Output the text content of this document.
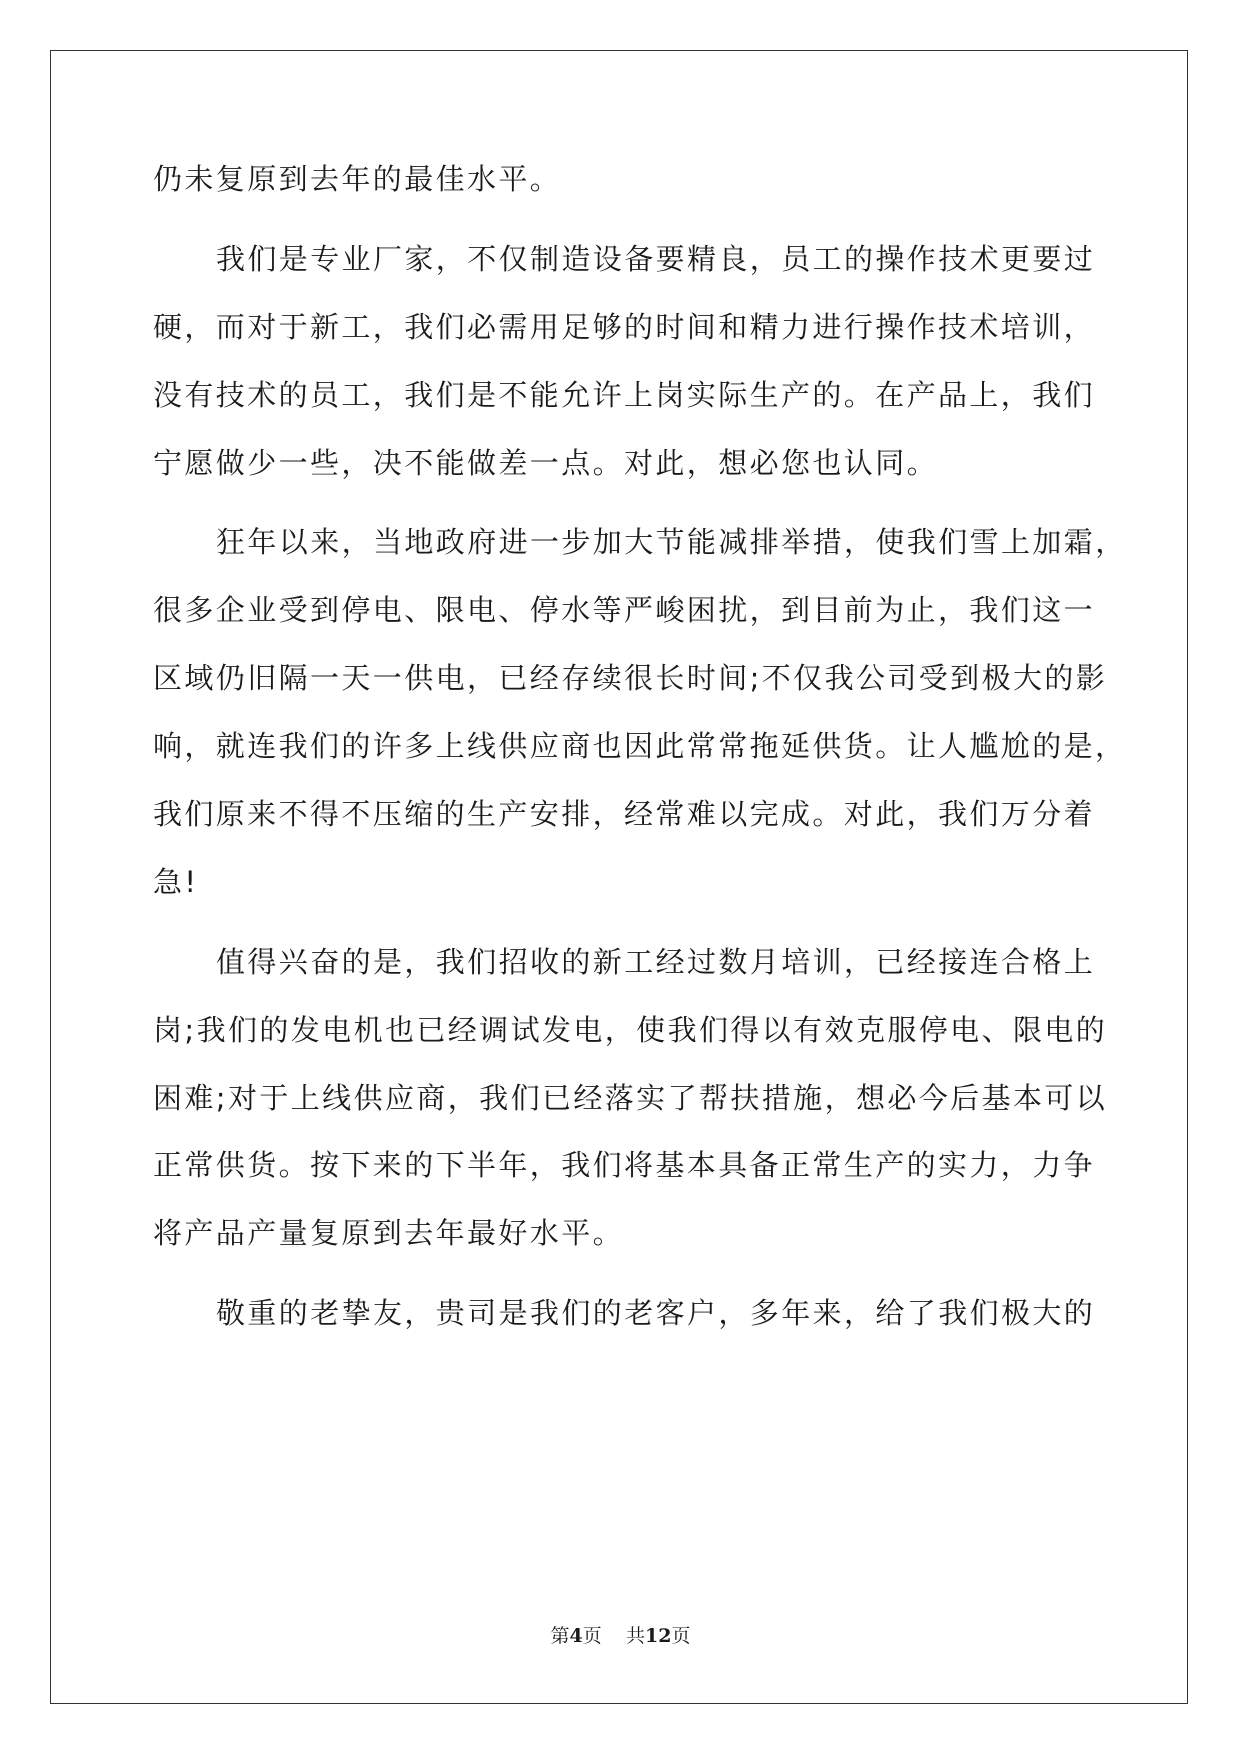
仍未复原到去年的最佳水平。
我们是专业厂家，不仅制造设备要精良，员工的操作技术更要过
硬，而对于新工，我们必需用足够的时间和精力进行操作技术培训，
没有技术的员工，我们是不能允许上岗实际生产的。在产品上，我们
宁愿做少一些，决不能做差一点。对此，想必您也认同。
狂年以来，当地政府进一步加大节能减排举措，使我们雪上加霜，
很多企业受到停电、限电、停水等严峻困扰，到目前为止，我们这一
区域仍旧隔一天一供电，已经存续很长时间;不仅我公司受到极大的影
响，就连我们的许多上线供应商也因此常常拖延供货。让人尴尬的是，
我们原来不得不压缩的生产安排，经常难以完成。对此，我们万分着
急!
值得兴奋的是，我们招收的新工经过数月培训，已经接连合格上
岗;我们的发电机也已经调试发电，使我们得以有效克服停电、限电的
困难;对于上线供应商，我们已经落实了帮扶措施，想必今后基本可以
正常供货。按下来的下半年，我们将基本具备正常生产的实力，力争
将产品产量复原到去年最好水平。
敬重的老挚友，贵司是我们的老客户，多年来，给了我们极大的
第4页 共12页
